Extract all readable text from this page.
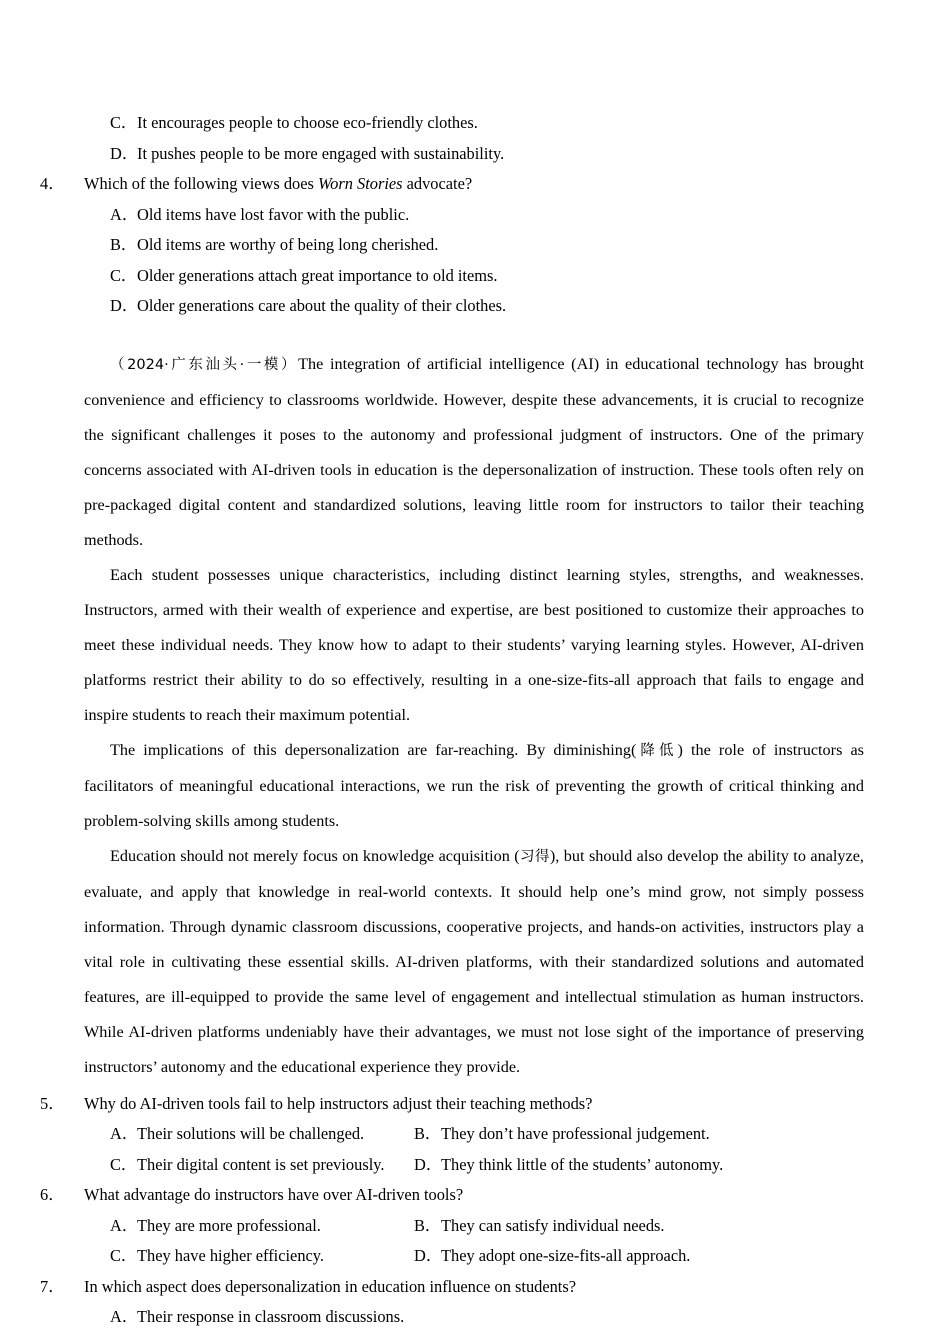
C．It encourages people to choose eco-friendly clothes.

D．It pushes people to be more engaged with sustainability.

4． Which of the following views does Worn Stories advocate?

A．Old items have lost favor with the public.

B．Old items are worthy of being long cherished.

C．Older generations attach great importance to old items.

D．Older generations care about the quality of their clothes.

（2024·广东汕头·一模）The integration of artificial intelligence (AI) in educational technology has brought convenience and efficiency to classrooms worldwide. However, despite these advancements, it is crucial to recognize the significant challenges it poses to the autonomy and professional judgment of instructors. One of the primary concerns associated with AI-driven tools in education is the depersonalization of instruction. These tools often rely on pre-packaged digital content and standardized solutions, leaving little room for instructors to tailor their teaching methods.

Each student possesses unique characteristics, including distinct learning styles, strengths, and weaknesses. Instructors, armed with their wealth of experience and expertise, are best positioned to customize their approaches to meet these individual needs. They know how to adapt to their students’ varying learning styles. However, AI-driven platforms restrict their ability to do so effectively, resulting in a one-size-fits-all approach that fails to engage and inspire students to reach their maximum potential.

The implications of this depersonalization are far-reaching. By diminishing(降低) the role of instructors as facilitators of meaningful educational interactions, we run the risk of preventing the growth of critical thinking and problem-solving skills among students.

Education should not merely focus on knowledge acquisition (习得), but should also develop the ability to analyze, evaluate, and apply that knowledge in real-world contexts. It should help one’s mind grow, not simply possess information. Through dynamic classroom discussions, cooperative projects, and hands-on activities, instructors play a vital role in cultivating these essential skills. AI-driven platforms, with their standardized solutions and automated features, are ill-equipped to provide the same level of engagement and intellectual stimulation as human instructors. While AI-driven platforms undeniably have their advantages, we must not lose sight of the importance of preserving instructors’ autonomy and the educational experience they provide.

5． Why do AI-driven tools fail to help instructors adjust their teaching methods?

A．
Their solutions will be challenged.	B． They don’t have professional judgement.
C． Their digital content is set previously. D．
They think little of the students’ autonomy.

6． What advantage do instructors have over AI-driven tools?

A．
They are more professional.	B． They can satisfy individual needs.
C． They have higher efficiency.	D．
They adopt one-size-fits-all approach.

7． In which aspect does depersonalization in education influence on students?

A．Their response in classroom discussions.
